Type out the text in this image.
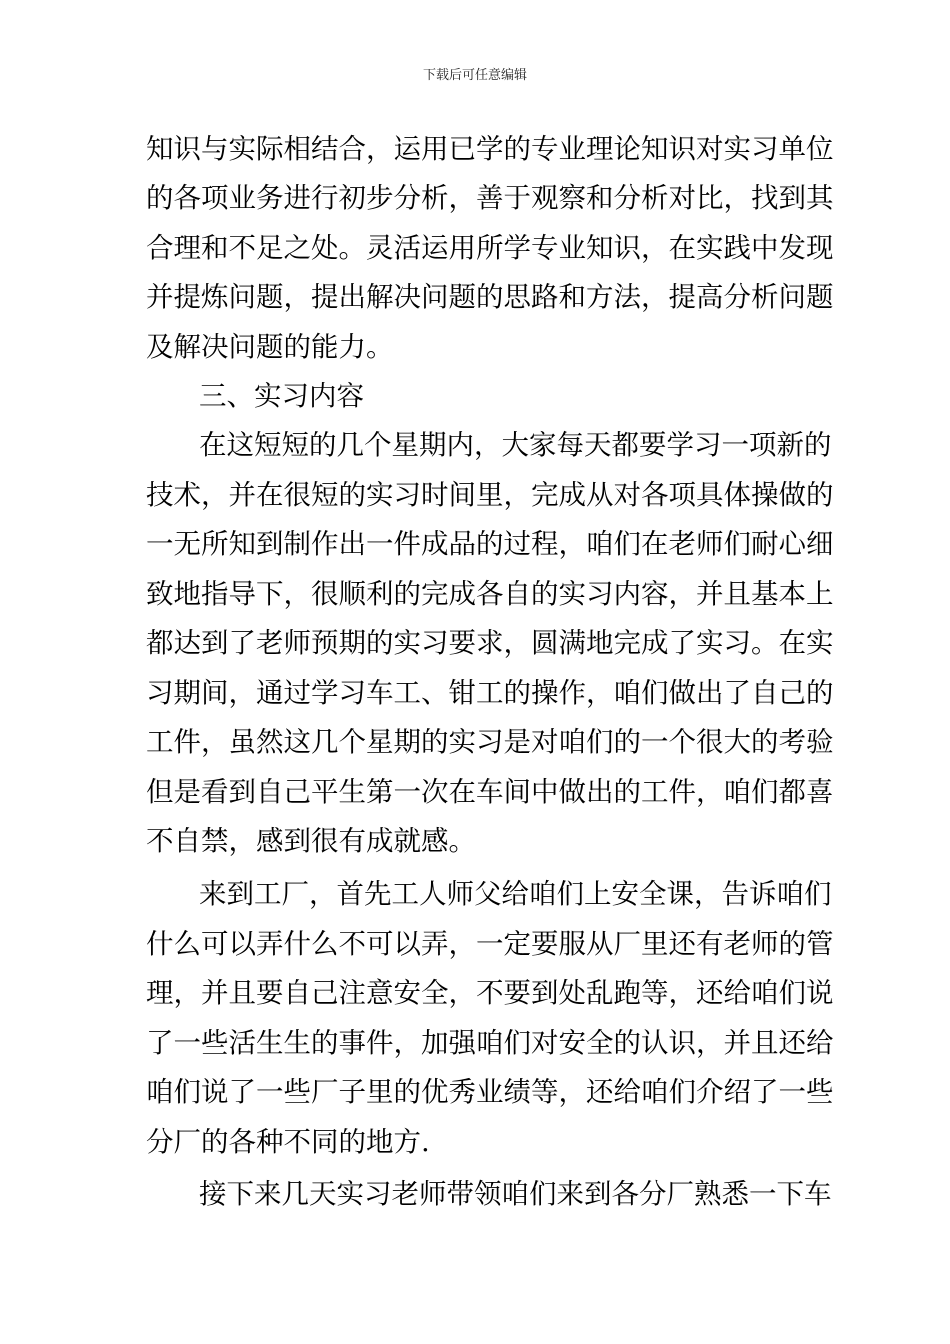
下载后可任意编辑
知识与实际相结合，运用已学的专业理论知识对实习单位
的各项业务进行初步分析，善于观察和分析对比，找到其
合理和不足之处。灵活运用所学专业知识，在实践中发现
并提炼问题，提出解决问题的思路和方法，提高分析问题
及解决问题的能力。
三、实习内容
在这短短的几个星期内，大家每天都要学习一项新的
技术，并在很短的实习时间里，完成从对各项具体操做的
一无所知到制作出一件成品的过程，咱们在老师们耐心细
致地指导下，很顺利的完成各自的实习内容，并且基本上
都达到了老师预期的实习要求，圆满地完成了实习。在实
习期间，通过学习车工、钳工的操作，咱们做出了自己的
工件，虽然这几个星期的实习是对咱们的一个很大的考验
但是看到自己平生第一次在车间中做出的工件，咱们都喜
不自禁，感到很有成就感。
来到工厂，首先工人师父给咱们上安全课，告诉咱们
什么可以弄什么不可以弄，一定要服从厂里还有老师的管
理，并且要自己注意安全，不要到处乱跑等，还给咱们说
了一些活生生的事件，加强咱们对安全的认识，并且还给
咱们说了一些厂子里的优秀业绩等，还给咱们介绍了一些
分厂的各种不同的地方.
接下来几天实习老师带领咱们来到各分厂熟悉一下车
